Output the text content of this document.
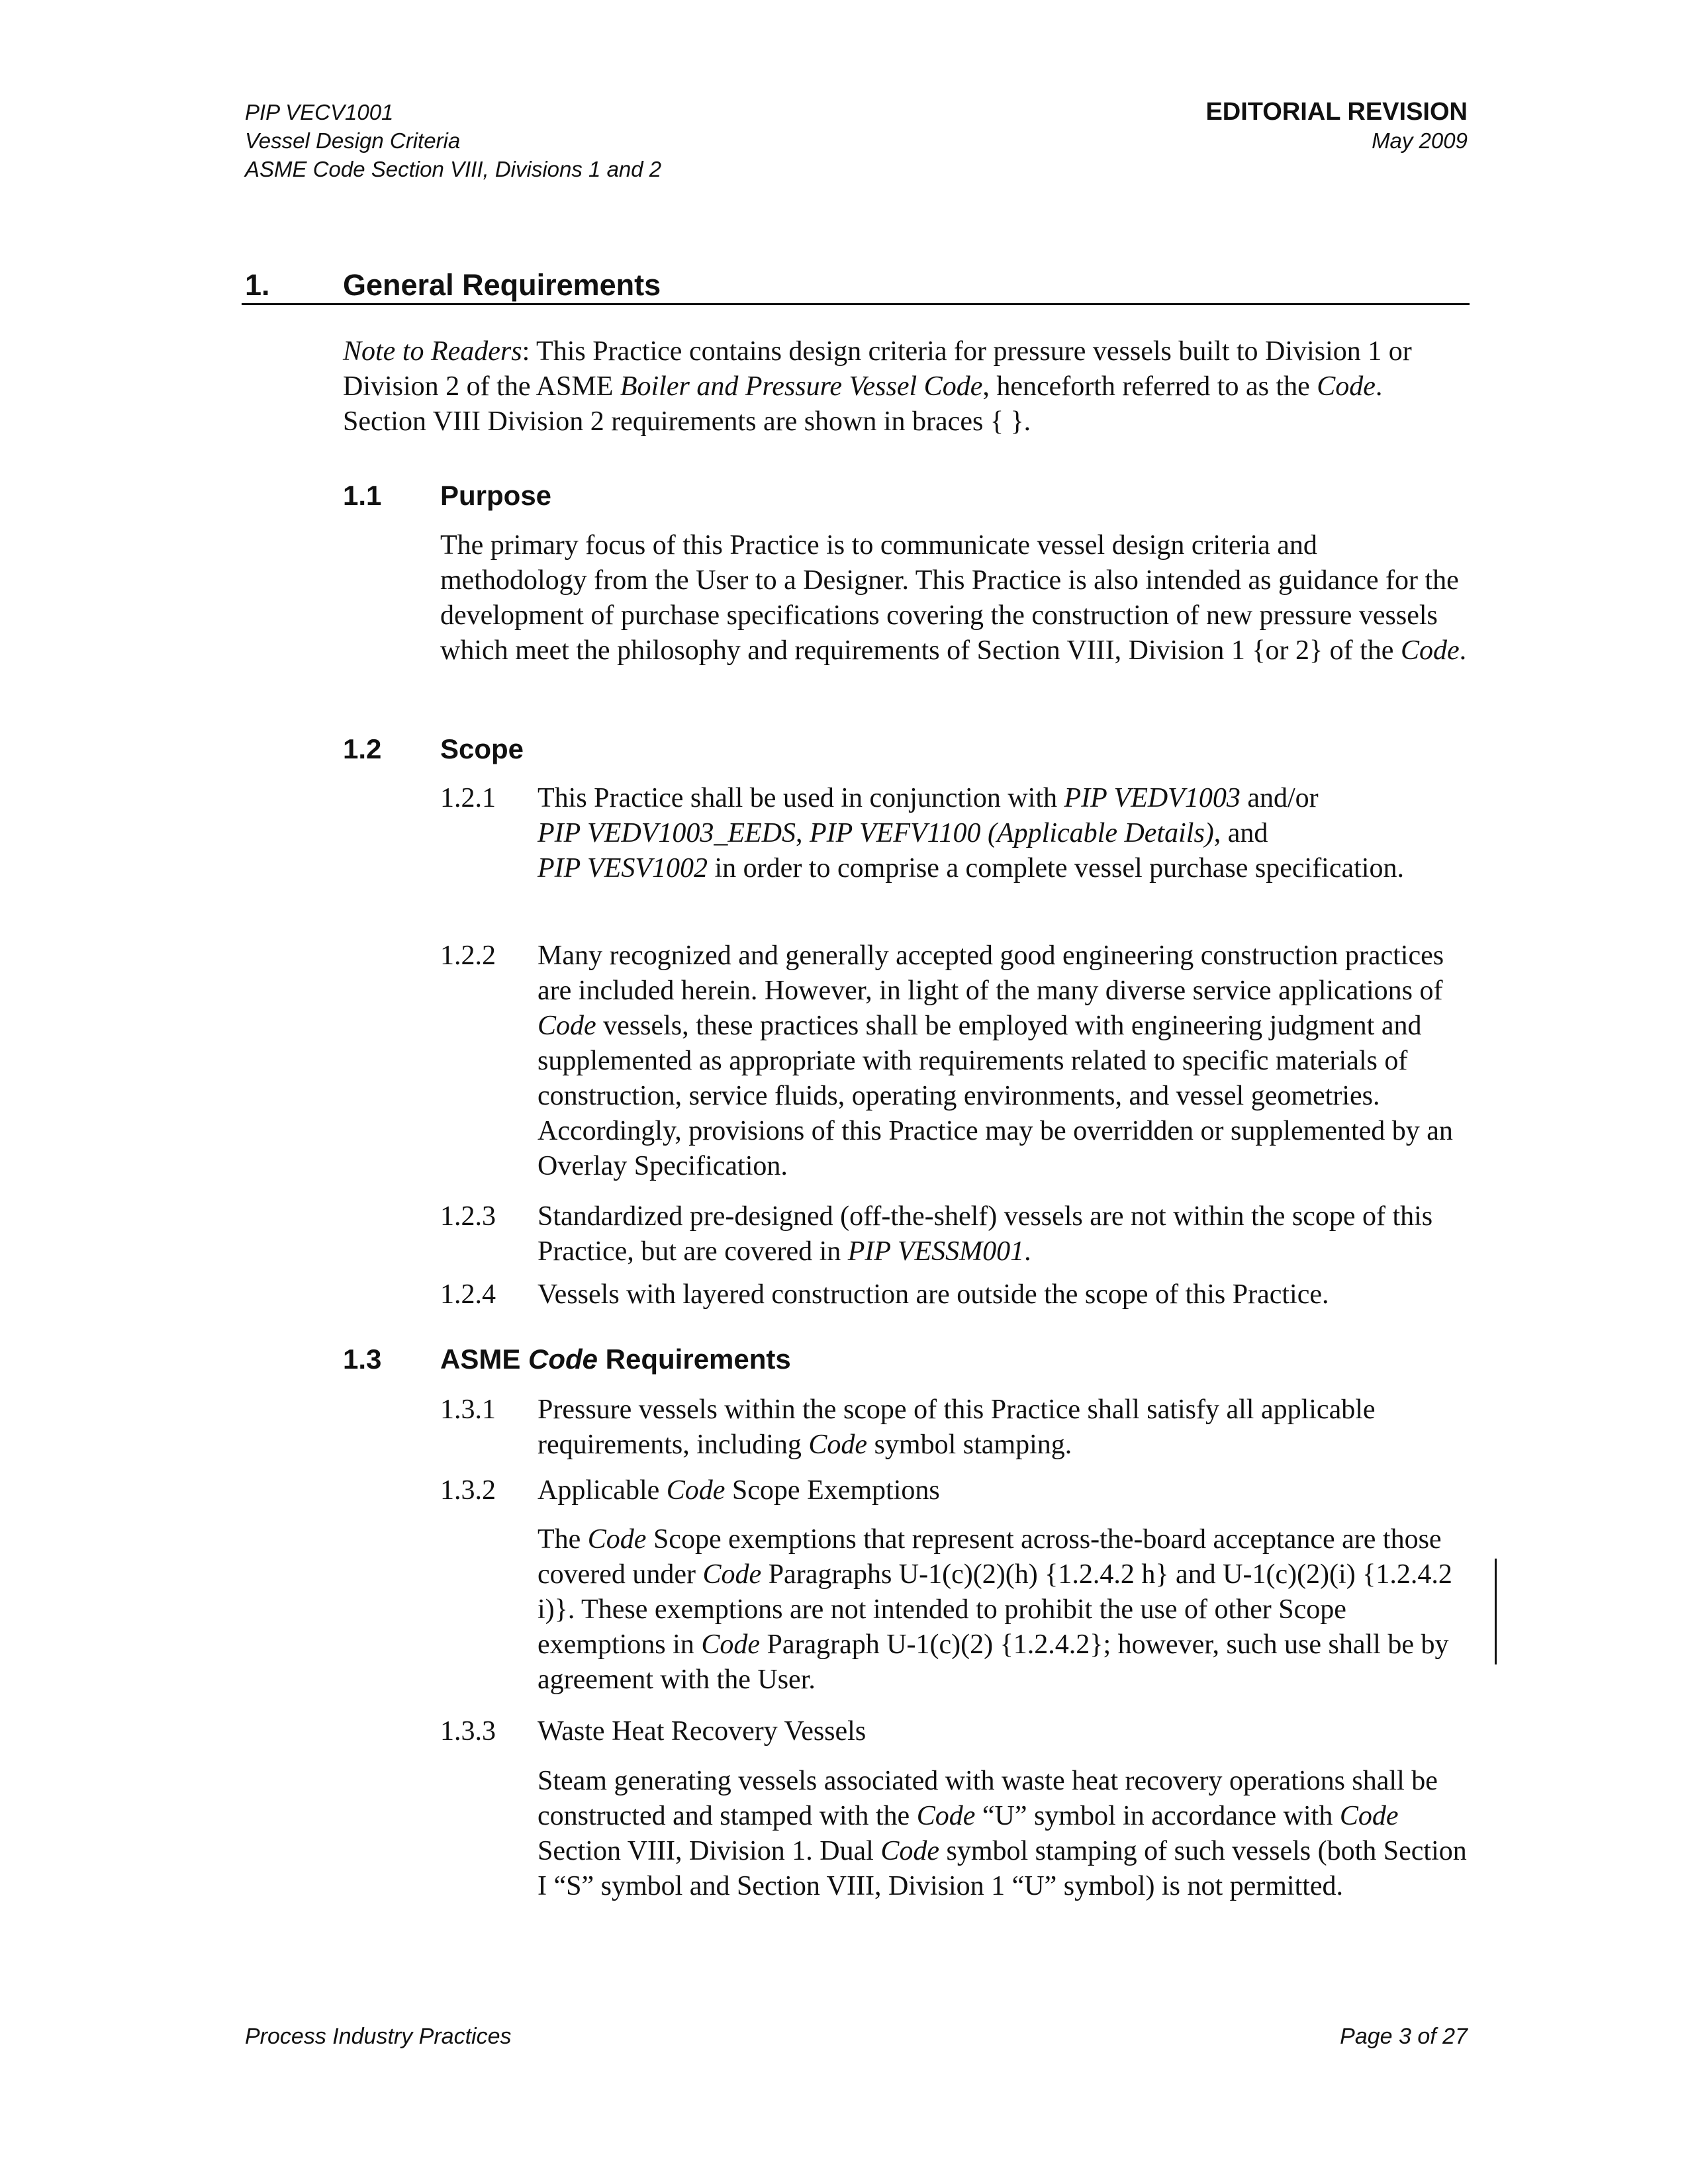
PIP VECV1001
Vessel Design Criteria
ASME Code Section VIII, Divisions 1 and 2
EDITORIAL REVISION
May 2009
1. General Requirements

Note to Readers: This Practice contains design criteria for pressure vessels built to Division 1 or Division 2 of the ASME Boiler and Pressure Vessel Code, henceforth referred to as the Code. Section VIII Division 2 requirements are shown in braces { }.

1.1 Purpose

The primary focus of this Practice is to communicate vessel design criteria and methodology from the User to a Designer. This Practice is also intended as guidance for the development of purchase specifications covering the construction of new pressure vessels which meet the philosophy and requirements of Section VIII, Division 1 {or 2} of the Code.

1.2 Scope
1.2.1 This Practice shall be used in conjunction with PIP VEDV1003 and/or
PIP VEDV1003_EEDS, PIP VEFV1100 (Applicable Details), and
PIP VESV1002 in order to comprise a complete vessel purchase specification.

1.2.2 Many recognized and generally accepted good engineering construction practices are included herein. However, in light of the many diverse service applications of Code vessels, these practices shall be employed with engineering judgment and supplemented as appropriate with requirements related to specific materials of construction, service fluids, operating environments, and vessel geometries. Accordingly, provisions of this Practice may be overridden or supplemented by an Overlay Specification.

1.2.3 Standardized pre-designed (off-the-shelf) vessels are not within the scope of this Practice, but are covered in PIP VESSM001.

1.2.4 Vessels with layered construction are outside the scope of this Practice.

1.3 ASME Code Requirements
1.3.1 Pressure vessels within the scope of this Practice shall satisfy all applicable requirements, including Code symbol stamping.

1.3.2 Applicable Code Scope Exemptions

The Code Scope exemptions that represent across-the-board acceptance are those covered under Code Paragraphs U-1(c)(2)(h) {1.2.4.2 h} and U-1(c)(2)(i) {1.2.4.2 i)}. These exemptions are not intended to prohibit the use of other Scope exemptions in Code Paragraph U-1(c)(2) {1.2.4.2}; however, such use shall be by agreement with the User.

1.3.3 Waste Heat Recovery Vessels

Steam generating vessels associated with waste heat recovery operations shall be constructed and stamped with the Code “U” symbol in accordance with Code Section VIII, Division 1. Dual Code symbol stamping of such vessels (both Section I “S” symbol and Section VIII, Division 1 “U” symbol) is not permitted.

Process Industry Practices	Page 3 of 27
